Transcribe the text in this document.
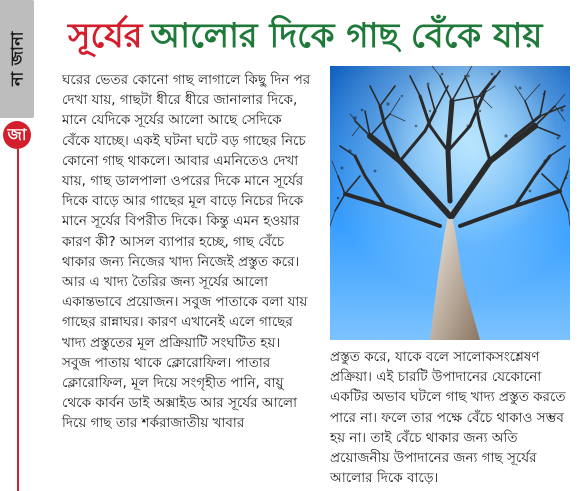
না জানা
জা
সূর্যের আলোর দিকে গাছ বেঁকে যায়

ঘরের ভেতর কোনো গাছ লাগালে কিছু দিন পর দেখা যায়, গাছটা ধীরে ধীরে জানালার দিকে, মানে যেদিকে সূর্যের আলো আছে সেদিকে বেঁকে যাচ্ছে। একই ঘটনা ঘটে বড় গাছের নিচে কোনো গাছ থাকলে। আবার এমনিতেও দেখা যায়, গাছ ডালপালা ওপরের দিকে মানে সূর্যের দিকে বাড়ে আর গাছের মূল বাড়ে নিচের দিকে মানে সূর্যের বিপরীত দিকে। কিন্তু এমন হওয়ার কারণ কী? আসল ব্যাপার হচ্ছে, গাছ বেঁচে থাকার জন্য নিজের খাদ্য নিজেই প্রস্তুত করে। আর এ খাদ্য তৈরির জন্য সূর্যের আলো একান্তভাবে প্রয়োজন। সবুজ পাতাকে বলা যায় গাছের রান্নাঘর। কারণ এখানেই এলে গাছের খাদ্য প্রস্তুতের মূল প্রক্রিয়াটি সংঘটিত হয়। সবুজ পাতায় থাকে ক্লোরোফিল। পাতার ক্লোরোফিল, মূল দিয়ে সংগৃহীত পানি, বায়ু থেকে কার্বন ডাই অক্সাইড আর সূর্যের আলো দিয়ে গাছ তার শর্করাজাতীয় খাবার

প্রস্তুত করে, যাকে বলে সালোকসংশ্লেষণ প্রক্রিয়া। এই চারটি উপাদানের যেকোনো একটির অভাব ঘটলে গাছ খাদ্য প্রস্তুত করতে পারে না। ফলে তার পক্ষে বেঁচে থাকাও সম্ভব হয় না। তাই বেঁচে থাকার জন্য অতি প্রয়োজনীয় উপাদানের জন্য গাছ সূর্যের আলোর দিকে বাড়ে।
